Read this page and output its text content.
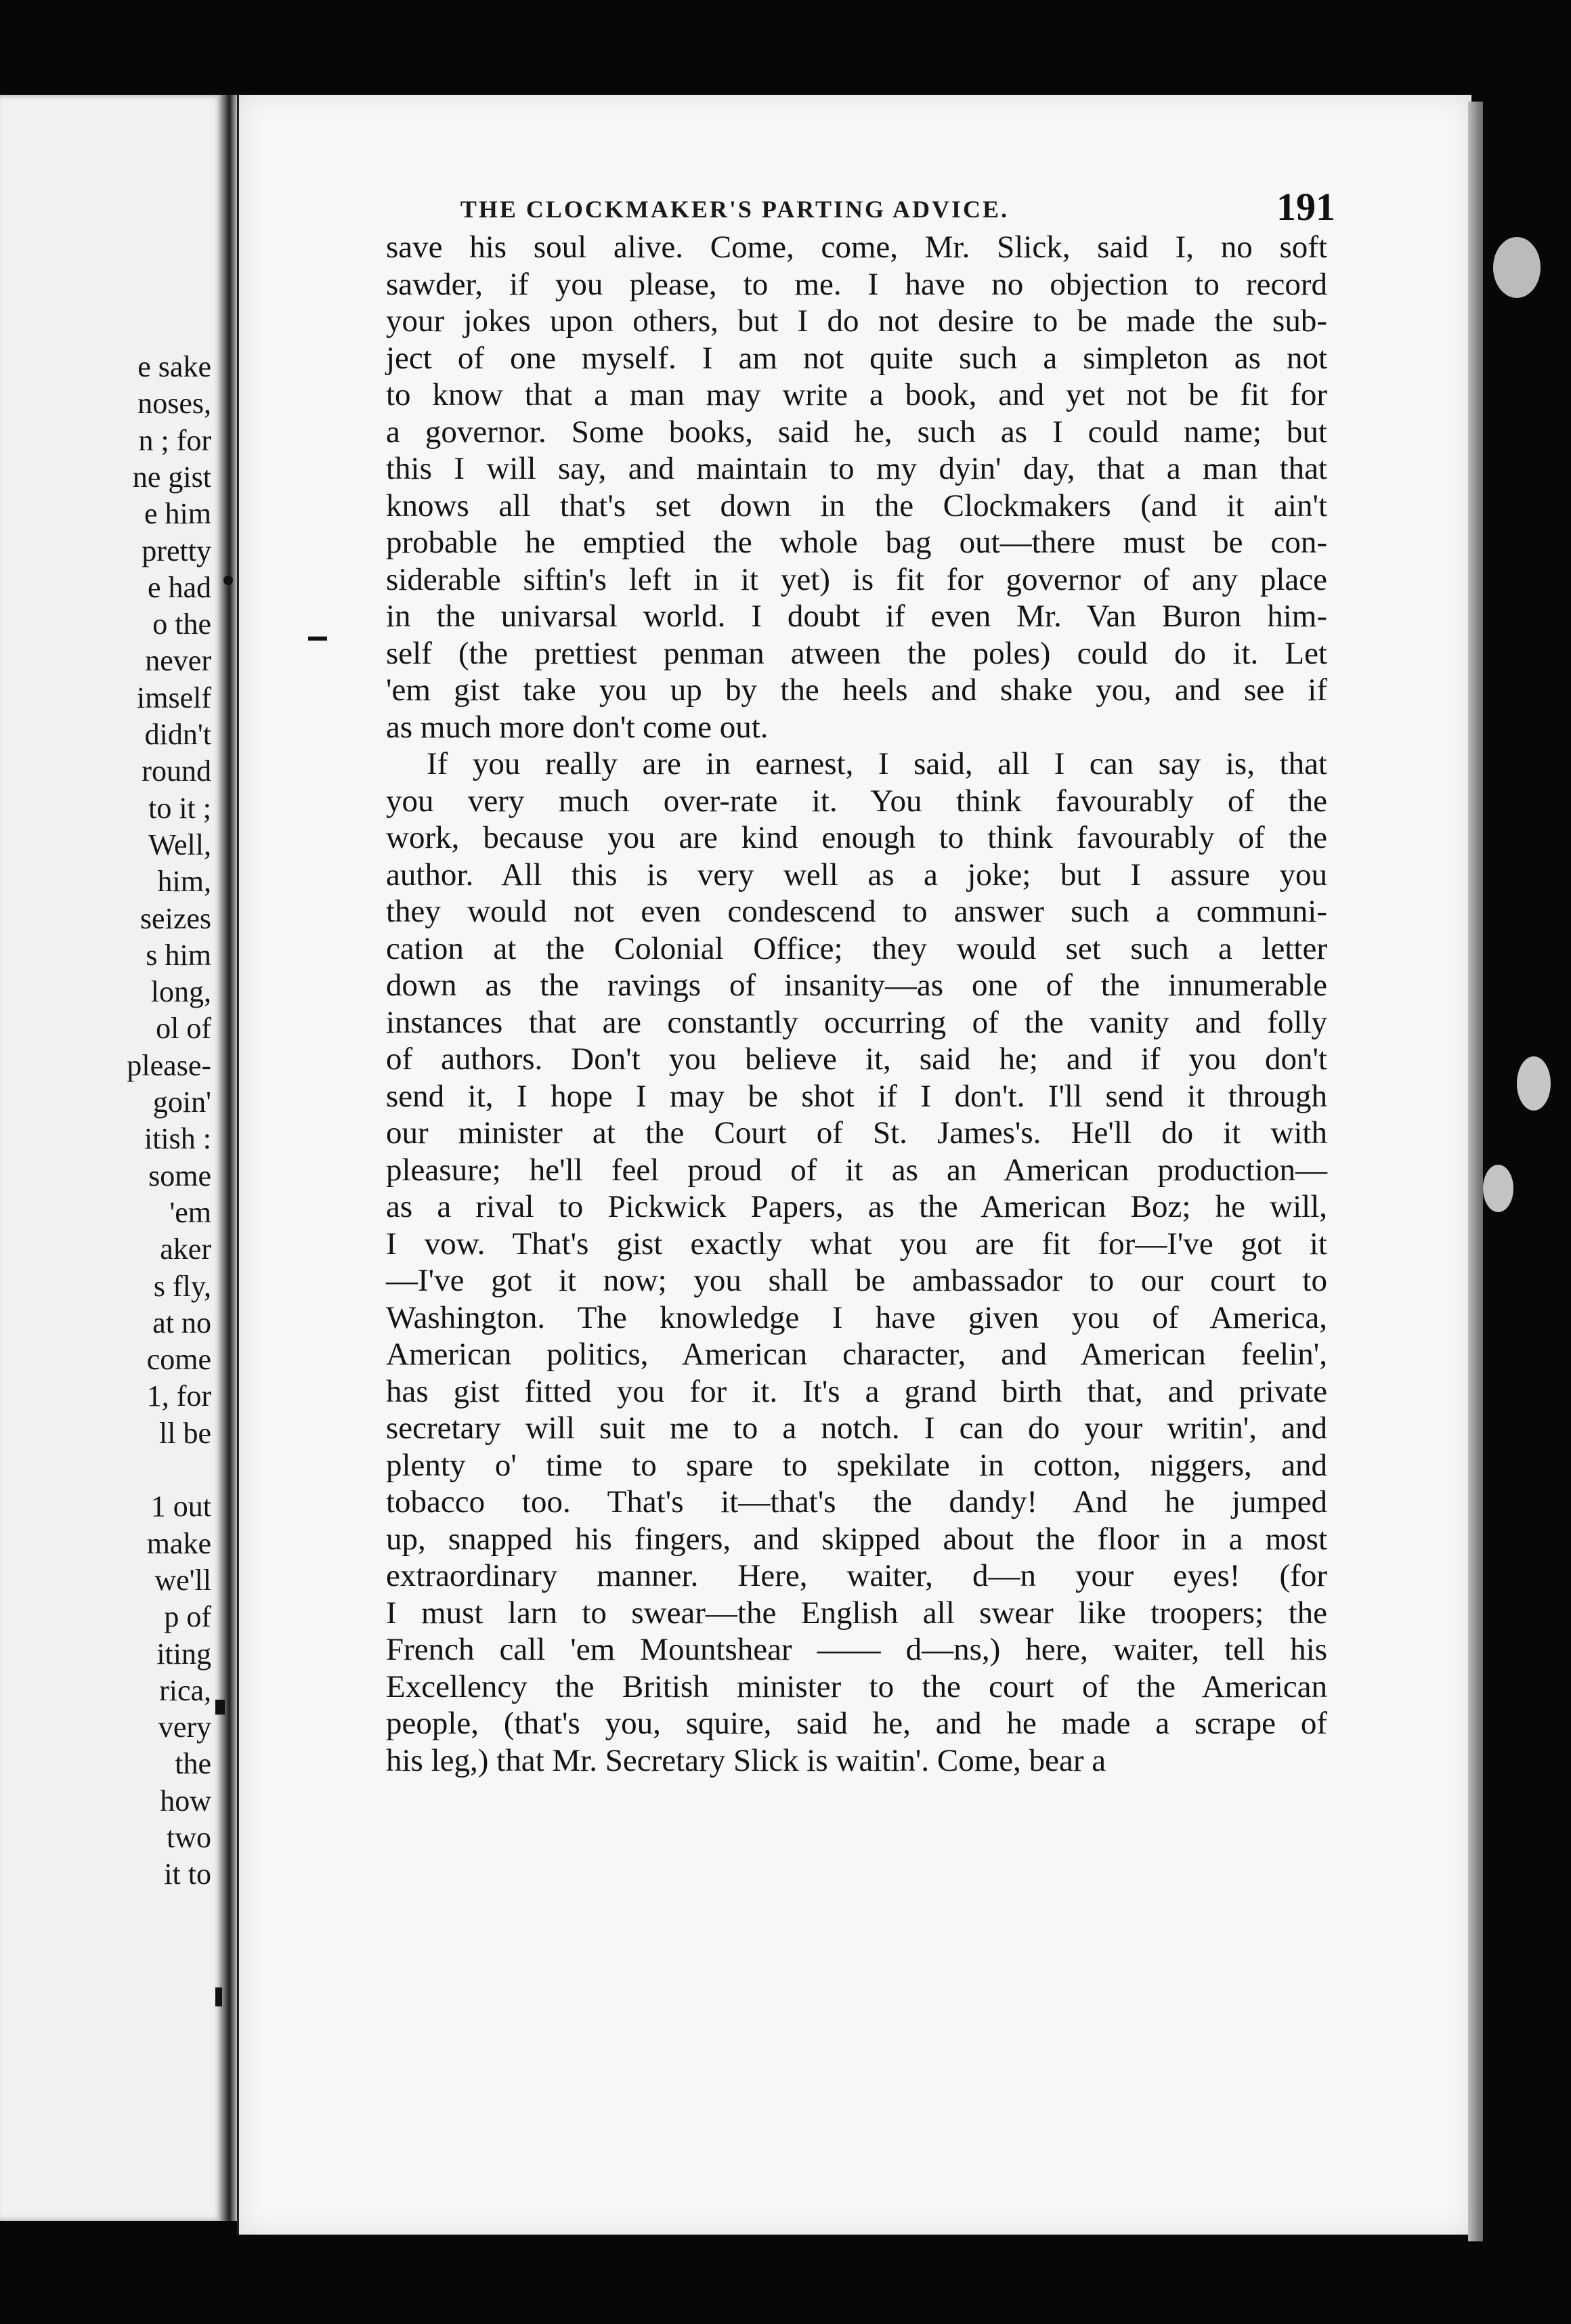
e sake
noses,
n ; for
ne gist
e him
pretty
e had
o the
never
imself
didn't
round
to it ;
Well,
him,
seizes
s him
long,
ol of
please-
goin'
itish :
some
'em
aker
s fly,
at no
come
1, for
ll be
1 out
make
we'll
p of
iting
rica,
very
the
how
two
it to
THE CLOCKMAKER'S PARTING ADVICE.	191
save his soul alive. Come, come, Mr. Slick, said I, no soft
sawder, if you please, to me. I have no objection to record
your jokes upon others, but I do not desire to be made the sub-
ject of one myself. I am not quite such a simpleton as not
to know that a man may write a book, and yet not be fit for
a governor. Some books, said he, such as I could name; but
this I will say, and maintain to my dyin' day, that a man that
knows all that's set down in the Clockmakers (and it ain't
probable he emptied the whole bag out—there must be con-
siderable siftin's left in it yet) is fit for governor of any place
in the univarsal world. I doubt if even Mr. Van Buron him-
self (the prettiest penman atween the poles) could do it. Let
'em gist take you up by the heels and shake you, and see if
as much more don't come out.
If you really are in earnest, I said, all I can say is, that
you very much over-rate it. You think favourably of the
work, because you are kind enough to think favourably of the
author. All this is very well as a joke; but I assure you
they would not even condescend to answer such a communi-
cation at the Colonial Office; they would set such a letter
down as the ravings of insanity—as one of the innumerable
instances that are constantly occurring of the vanity and folly
of authors. Don't you believe it, said he; and if you don't
send it, I hope I may be shot if I don't. I'll send it through
our minister at the Court of St. James's. He'll do it with
pleasure; he'll feel proud of it as an American production—
as a rival to Pickwick Papers, as the American Boz; he will,
I vow. That's gist exactly what you are fit for—I've got it
—I've got it now; you shall be ambassador to our court to
Washington. The knowledge I have given you of America,
American politics, American character, and American feelin',
has gist fitted you for it. It's a grand birth that, and private
secretary will suit me to a notch. I can do your writin', and
plenty o' time to spare to spekilate in cotton, niggers, and
tobacco too. That's it—that's the dandy! And he jumped
up, snapped his fingers, and skipped about the floor in a most
extraordinary manner. Here, waiter, d—n your eyes! (for
I must larn to swear—the English all swear like troopers; the
French call 'em Mountshear —— d—ns,) here, waiter, tell his
Excellency the British minister to the court of the American
people, (that's you, squire, said he, and he made a scrape of
his leg,) that Mr. Secretary Slick is waitin'. Come, bear a
